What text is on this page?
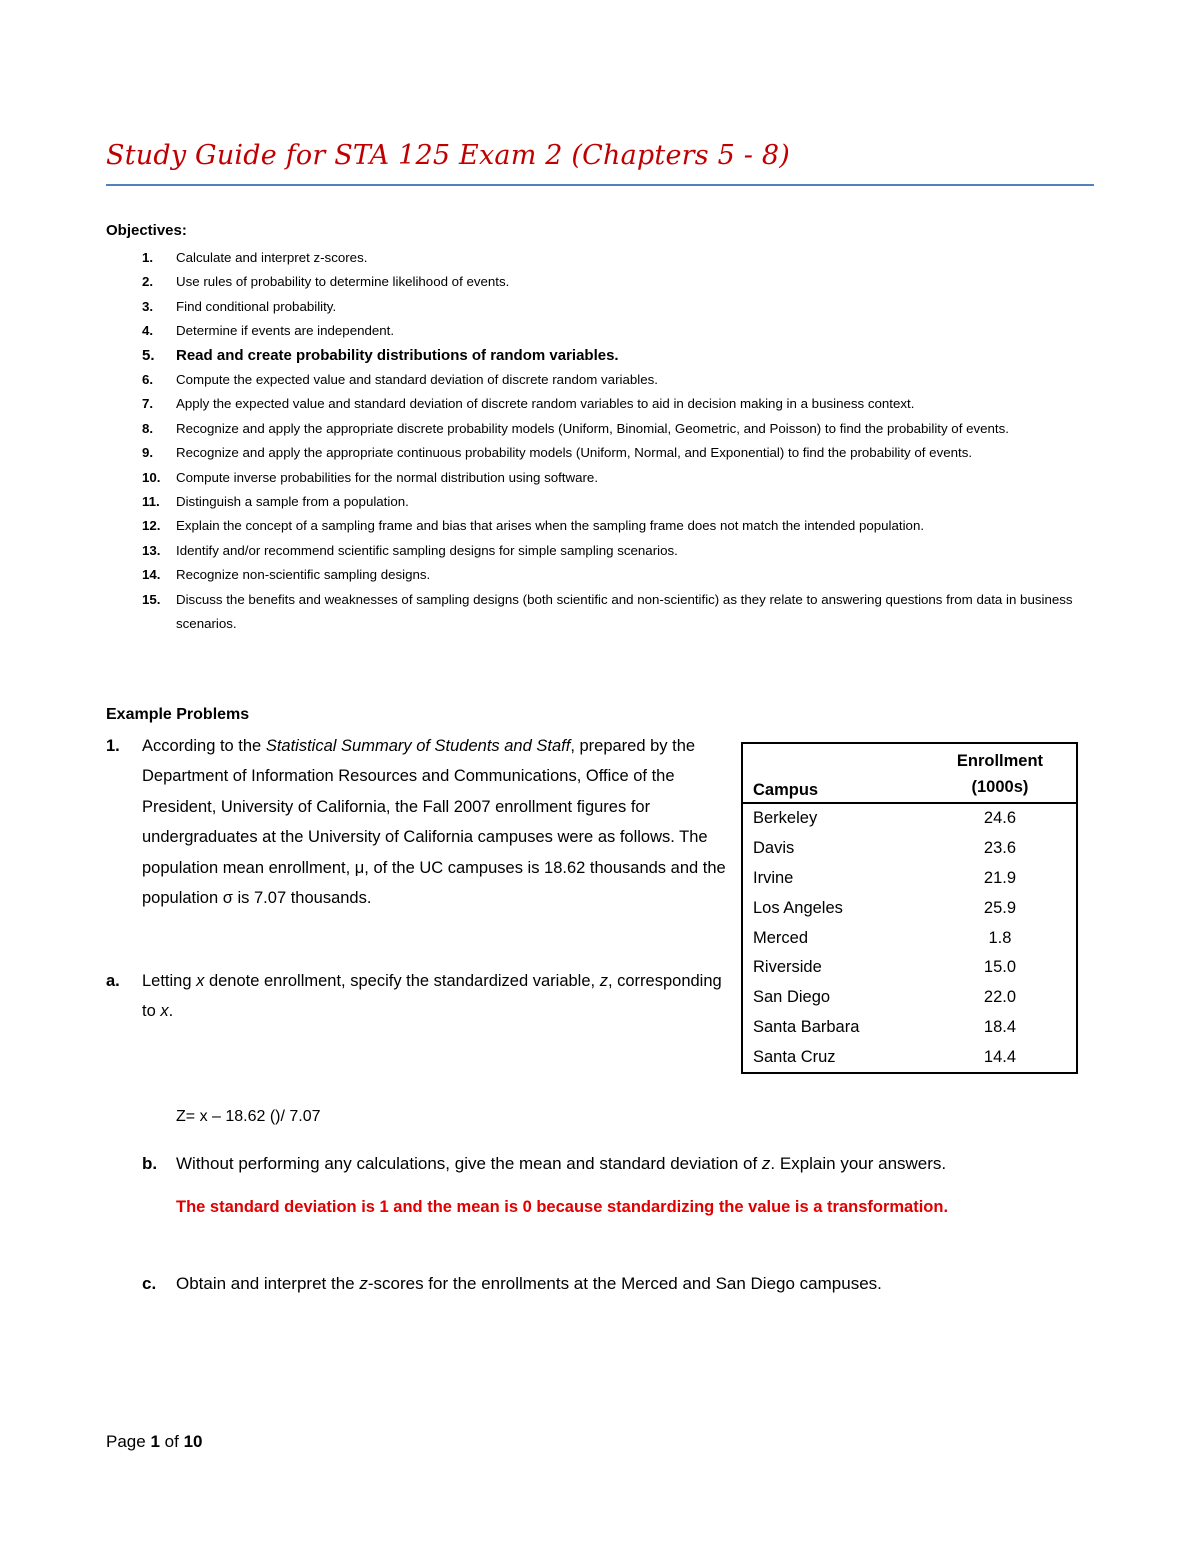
Study Guide for STA 125 Exam 2 (Chapters 5 - 8)
Objectives:
1. Calculate and interpret z-scores.
2. Use rules of probability to determine likelihood of events.
3. Find conditional probability.
4. Determine if events are independent.
5. Read and create probability distributions of random variables.
6. Compute the expected value and standard deviation of discrete random variables.
7. Apply the expected value and standard deviation of discrete random variables to aid in decision making in a business context.
8. Recognize and apply the appropriate discrete probability models (Uniform, Binomial, Geometric, and Poisson) to find the probability of events.
9. Recognize and apply the appropriate continuous probability models (Uniform, Normal, and Exponential) to find the probability of events.
10. Compute inverse probabilities for the normal distribution using software.
11. Distinguish a sample from a population.
12. Explain the concept of a sampling frame and bias that arises when the sampling frame does not match the intended population.
13. Identify and/or recommend scientific sampling designs for simple sampling scenarios.
14. Recognize non-scientific sampling designs.
15. Discuss the benefits and weaknesses of sampling designs (both scientific and non-scientific) as they relate to answering questions from data in business scenarios.
Example Problems
1. According to the Statistical Summary of Students and Staff, prepared by the Department of Information Resources and Communications, Office of the President, University of California, the Fall 2007 enrollment figures for undergraduates at the University of California campuses were as follows. The population mean enrollment, μ, of the UC campuses is 18.62 thousands and the population σ is 7.07 thousands.
a. Letting x denote enrollment, specify the standardized variable, z, corresponding to x.
Campus	Enrollment
(1000s)
Berkeley	24.6
Davis	23.6
Irvine	21.9
Los Angeles	25.9
Merced	1.8
Riverside	15.0
San Diego	22.0
Santa Barbara	18.4
Santa Cruz	14.4
Z= x – 18.62 ()/ 7.07
b. Without performing any calculations, give the mean and standard deviation of z. Explain your answers.
The standard deviation is 1 and the mean is 0 because standardizing the value is a transformation.
c. Obtain and interpret the z-scores for the enrollments at the Merced and San Diego campuses.
Page 1 of 10
